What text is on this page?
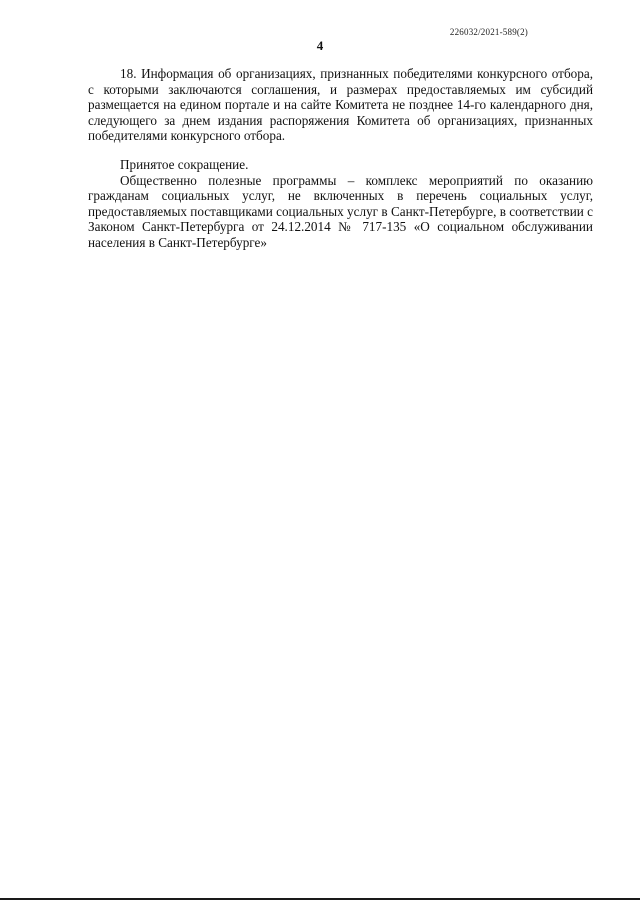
226032/2021-589(2)
4

18. Информация об организациях, признанных победителями конкурсного отбора, с которыми заключаются соглашения, и размерах предоставляемых им субсидий размещается на едином портале и на сайте Комитета не позднее 14-го календарного дня, следующего за днем издания распоряжения Комитета об организациях, признанных победителями конкурсного отбора.

Принятое сокращение.

Общественно полезные программы – комплекс мероприятий по оказанию гражданам социальных услуг, не включенных в перечень социальных услуг, предоставляемых поставщиками социальных услуг в Санкт-Петербурге, в соответствии с Законом Санкт-Петербурга от 24.12.2014 № 717-135 «О социальном обслуживании населения в Санкт-Петербурге»
